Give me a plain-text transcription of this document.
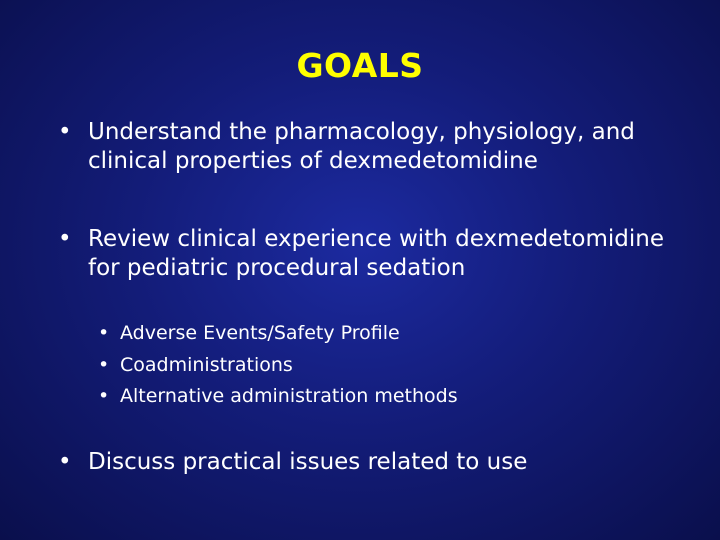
GOALS
• Understand the pharmacology, physiology, and clinical properties of dexmedetomidine
• Review clinical experience with dexmedetomidine for pediatric procedural sedation
• Adverse Events/Safety Profile
• Coadministrations
• Alternative administration methods
• Discuss practical issues related to use
